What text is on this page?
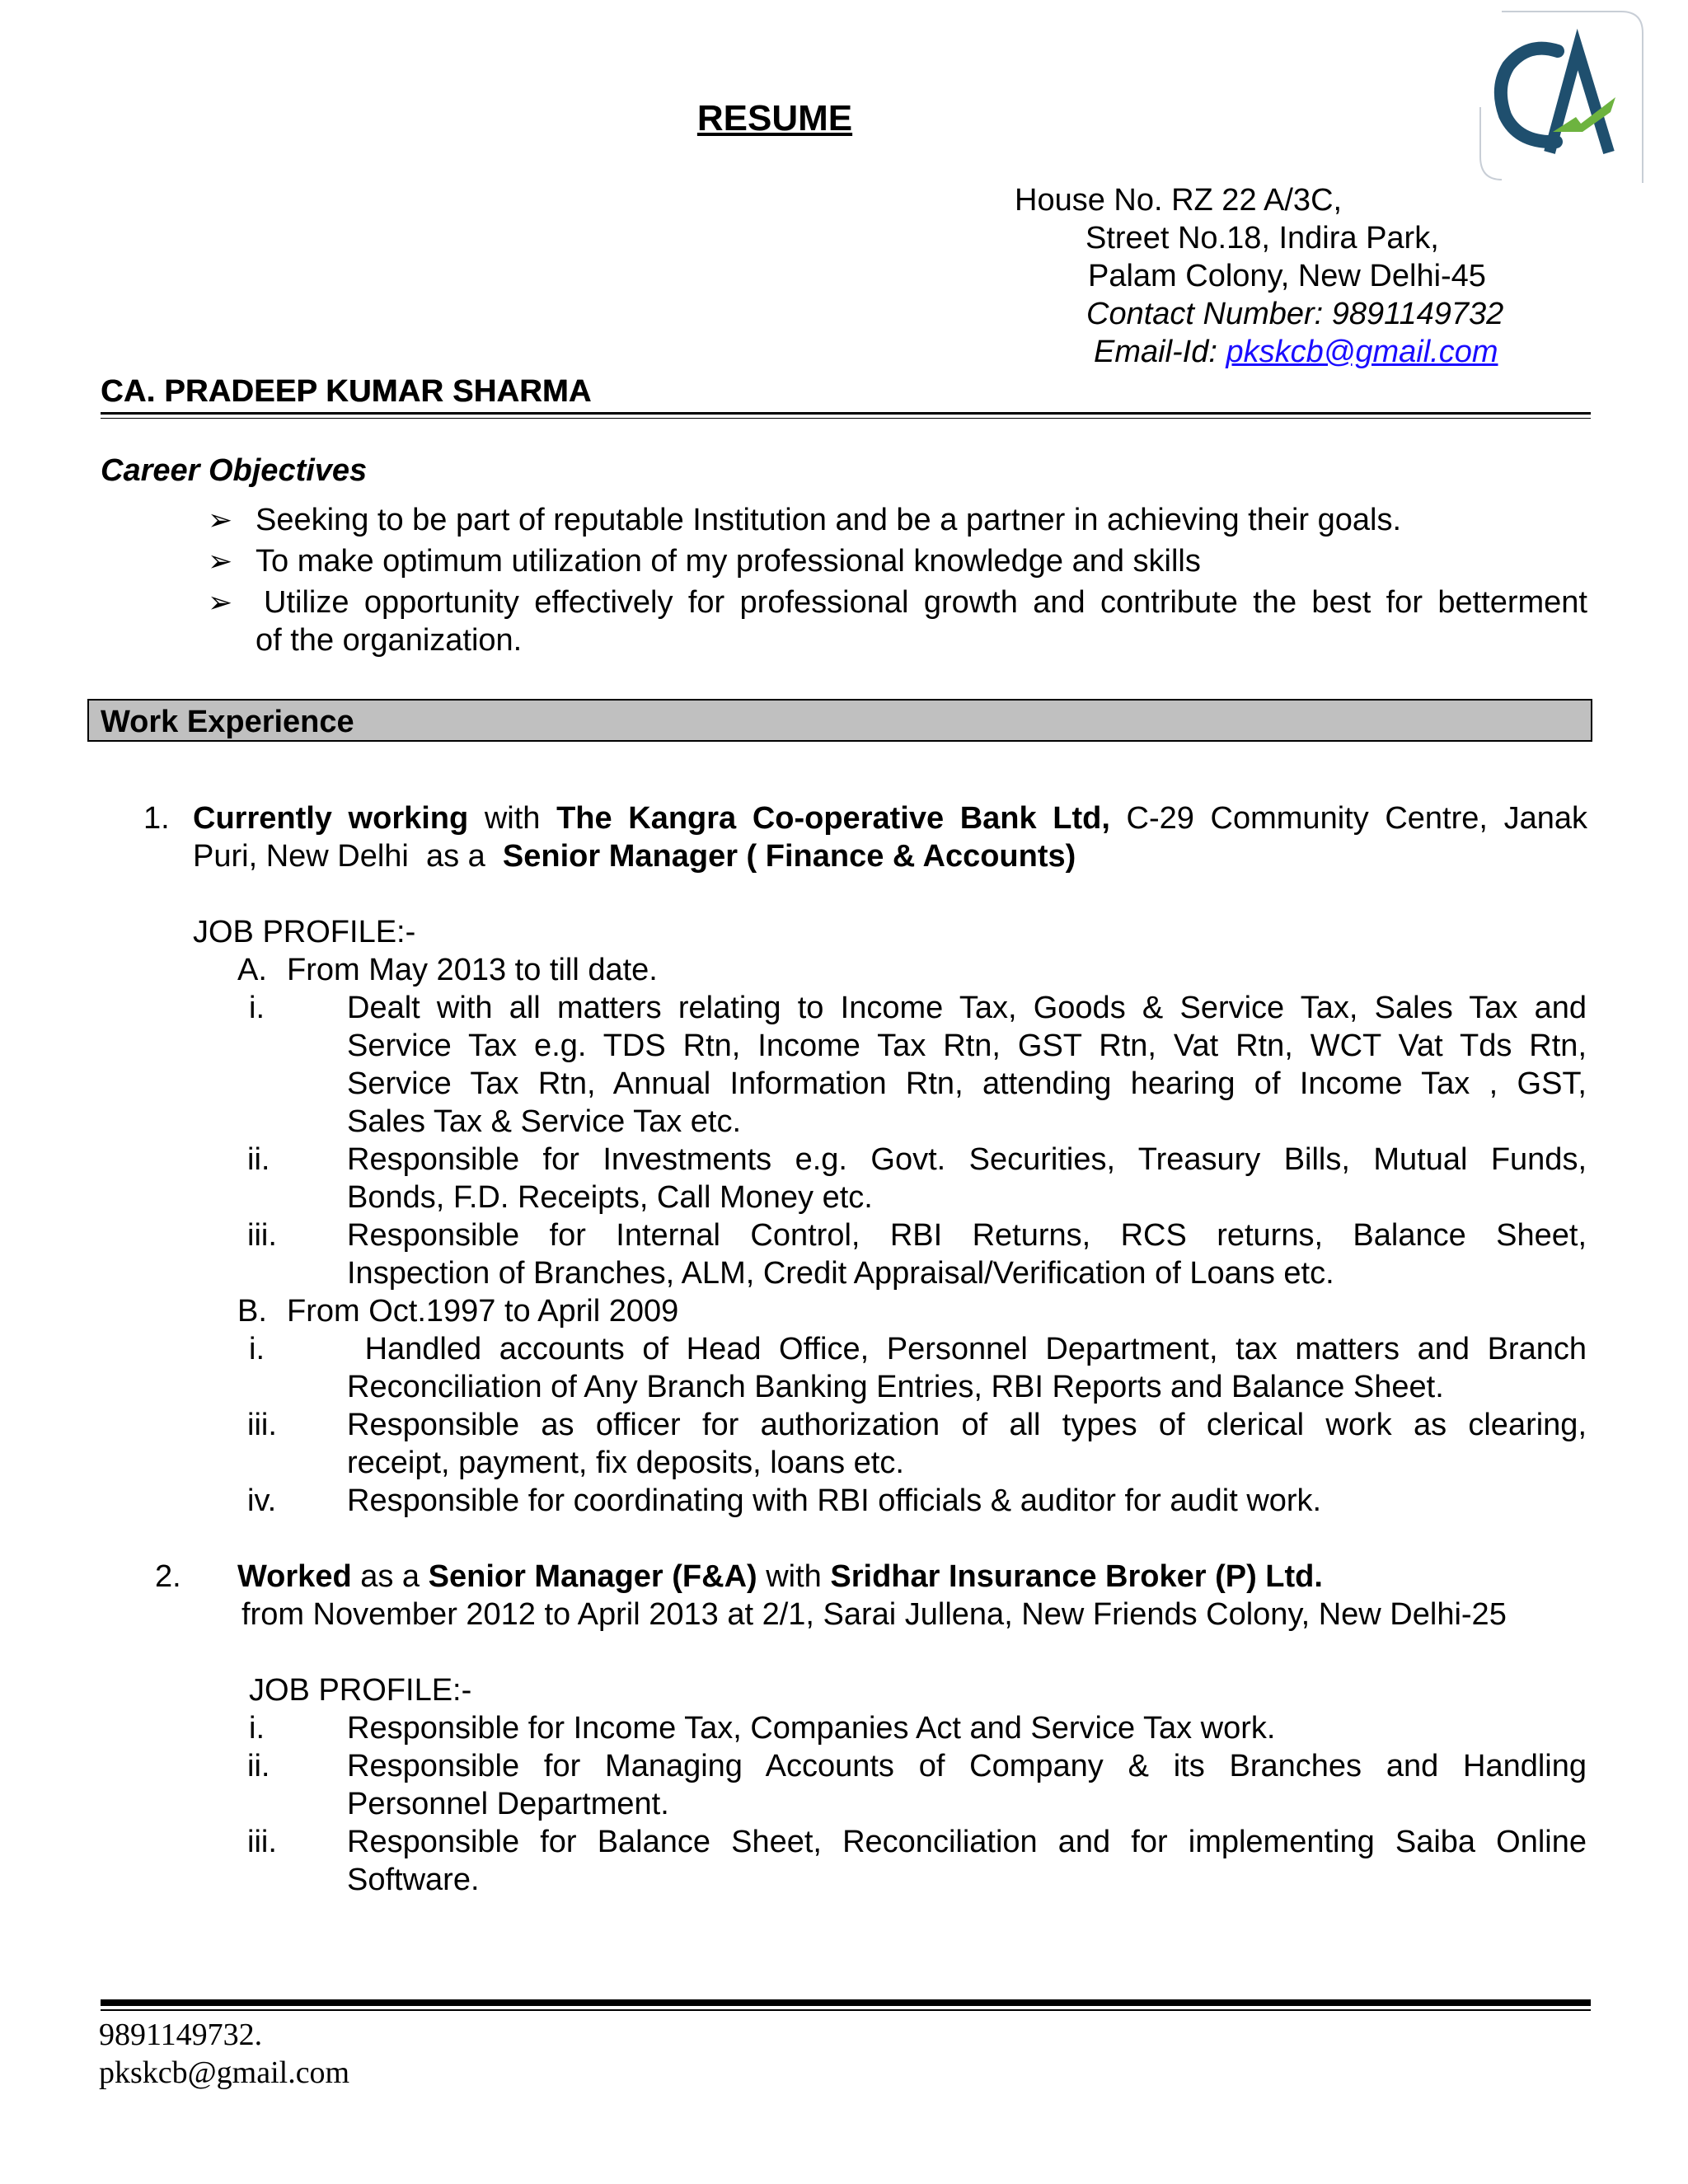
RESUME
House No. RZ 22 A/3C,
Street No.18, Indira Park,
Palam Colony, New Delhi-45
Contact Number: 9891149732
Email-Id: pkskcb@gmail.com
CA. PRADEEP KUMAR SHARMA
Career Objectives
➢ Seeking to be part of reputable Institution and be a partner in achieving their goals.
➢ To make optimum utilization of my professional knowledge and skills
➢ Utilize opportunity effectively for professional growth and contribute the best for betterment
of the organization.
Work Experience
1. Currently working with The Kangra Co-operative Bank Ltd, C-29 Community Centre, Janak
Puri, New Delhi  as a  Senior Manager ( Finance & Accounts)
JOB PROFILE:-
A. From May 2013 to till date.
i.	Dealt with all matters relating to Income Tax, Goods & Service Tax, Sales Tax and
Service Tax e.g. TDS Rtn, Income Tax Rtn, GST Rtn, Vat Rtn, WCT Vat Tds Rtn,
Service Tax Rtn, Annual Information Rtn, attending hearing of Income Tax , GST,
Sales Tax & Service Tax etc.
ii. Responsible for Investments e.g. Govt. Securities, Treasury Bills, Mutual Funds,
Bonds, F.D. Receipts, Call Money etc.
iii. Responsible for Internal Control, RBI Returns, RCS returns, Balance Sheet,
Inspection of Branches, ALM, Credit Appraisal/Verification of Loans etc.
B. From Oct.1997 to April 2009
i.	Handled accounts of Head Office, Personnel Department, tax matters and Branch
Reconciliation of Any Branch Banking Entries, RBI Reports and Balance Sheet.
iii. Responsible as officer for authorization of all types of clerical work as clearing,
receipt, payment, fix deposits, loans etc.
iv. Responsible for coordinating with RBI officials & auditor for audit work.
2. Worked as a Senior Manager (F&A) with Sridhar Insurance Broker (P) Ltd.
from November 2012 to April 2013 at 2/1, Sarai Jullena, New Friends Colony, New Delhi-25
JOB PROFILE:-
i.	Responsible for Income Tax, Companies Act and Service Tax work.
ii. Responsible for Managing Accounts of Company & its Branches and Handling
Personnel Department.
iii. Responsible for Balance Sheet, Reconciliation and for implementing Saiba Online
Software.
9891149732.
pkskcb@gmail.com
